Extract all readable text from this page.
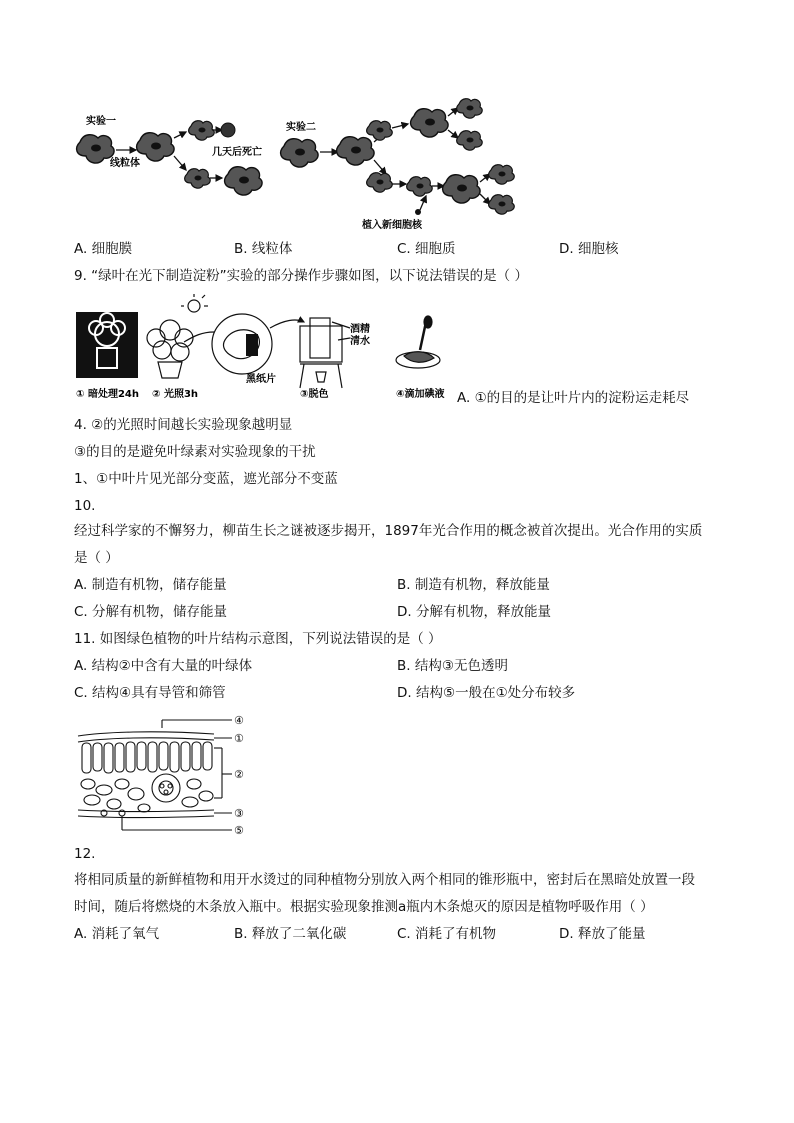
实验一
线粒体
几天后死亡
实验二
植入新细胞核
A. 细胞膜	B. 线粒体	C. 细胞质	D. 细胞核
9. “绿叶在光下制造淀粉”实验的部分操作步骤如图，以下说法错误的是（ ）
① 暗处理24h ② 光照3h
黑纸片
酒精
清水
③脱色	④滴加碘液 A. ①的目的是让叶片内的淀粉运走耗尽
4. ②的光照时间越长实验现象越明显
③的目的是避免叶绿素对实验现象的干扰
1、①中叶片见光部分变蓝，遮光部分不变蓝
10.
经过科学家的不懈努力，柳苗生长之谜被逐步揭开，1897年光合作用的概念被首次提出。光合作用的实质
是（ ）
A. 制造有机物，储存能量	B. 制造有机物，释放能量
C. 分解有机物，储存能量	D. 分解有机物，释放能量
11. 如图绿色植物的叶片结构示意图，下列说法错误的是（ ）
A. 结构②中含有大量的叶绿体	B. 结构③无色透明
C. 结构④具有导管和筛管	D. 结构⑤一般在①处分布较多
④
①
②
③
⑤
12.
将相同质量的新鲜植物和用开水烫过的同种植物分别放入两个相同的锥形瓶中，密封后在黑暗处放置一段
时间，随后将燃烧的木条放入瓶中。根据实验现象推测a瓶内木条熄灭的原因是植物呼吸作用（ ）
A. 消耗了氧气	B. 释放了二氧化碳	C. 消耗了有机物	D. 释放了能量
